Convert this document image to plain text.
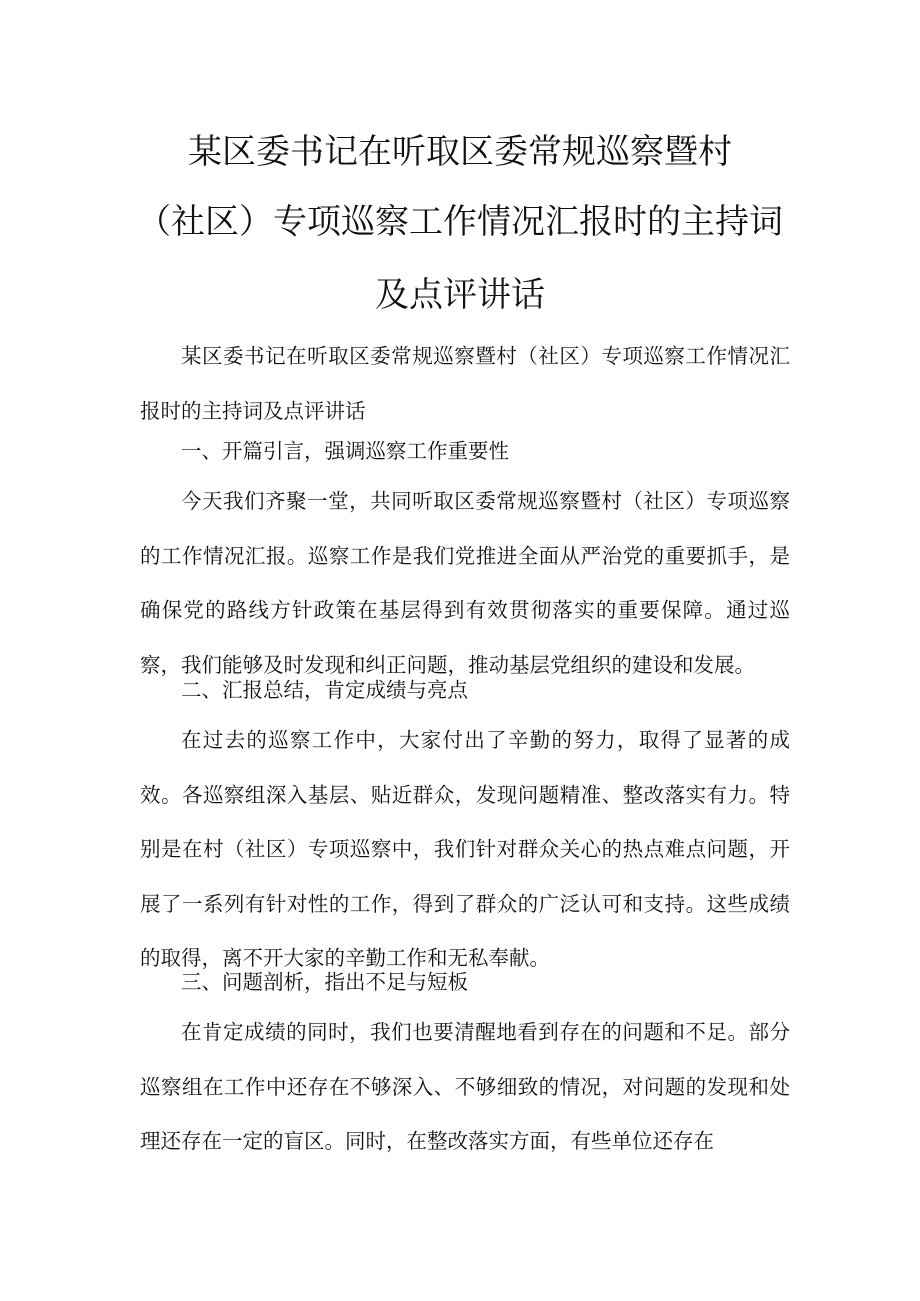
某区委书记在听取区委常规巡察暨村
（社区）专项巡察工作情况汇报时的主持词
及点评讲话

某区委书记在听取区委常规巡察暨村（社区）专项巡察工作情况汇报时的主持词及点评讲话

一、开篇引言，强调巡察工作重要性

今天我们齐聚一堂，共同听取区委常规巡察暨村（社区）专项巡察的工作情况汇报。巡察工作是我们党推进全面从严治党的重要抓手，是确保党的路线方针政策在基层得到有效贯彻落实的重要保障。通过巡察，我们能够及时发现和纠正问题，推动基层党组织的建设和发展。

二、汇报总结，肯定成绩与亮点

在过去的巡察工作中，大家付出了辛勤的努力，取得了显著的成效。各巡察组深入基层、贴近群众，发现问题精准、整改落实有力。特别是在村（社区）专项巡察中，我们针对群众关心的热点难点问题，开展了一系列有针对性的工作，得到了群众的广泛认可和支持。这些成绩的取得，离不开大家的辛勤工作和无私奉献。

三、问题剖析，指出不足与短板

在肯定成绩的同时，我们也要清醒地看到存在的问题和不足。部分巡察组在工作中还存在不够深入、不够细致的情况，对问题的发现和处理还存在一定的盲区。同时，在整改落实方面，有些单位还存在
